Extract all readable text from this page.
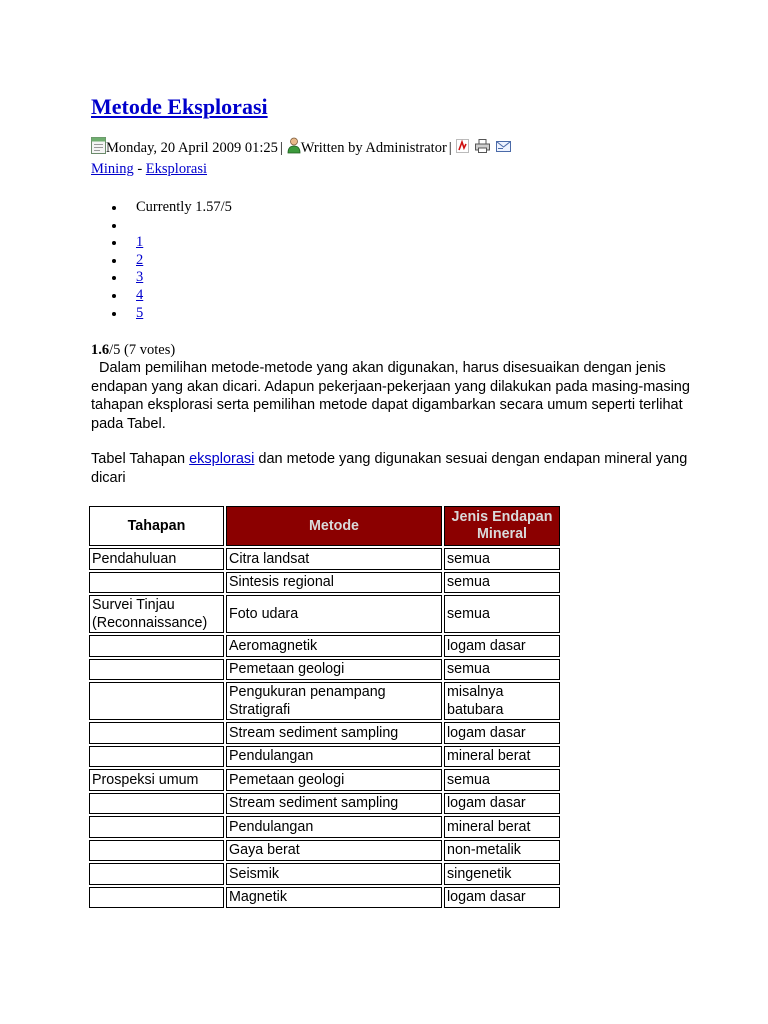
Metode Eksplorasi
Monday, 20 April 2009 01:25 | Written by Administrator |
Mining - Eksplorasi
Currently 1.57/5
1
2
3
4
5
1.6/5 (7 votes)
Dalam pemilihan metode-metode yang akan digunakan, harus disesuaikan dengan jenis endapan yang akan dicari. Adapun pekerjaan-pekerjaan yang dilakukan pada masing-masing tahapan eksplorasi serta pemilihan metode dapat digambarkan secara umum seperti terlihat pada Tabel.
Tabel Tahapan eksplorasi dan metode yang digunakan sesuai dengan endapan mineral yang dicari
Tahapan	Metode	Jenis Endapan Mineral
Pendahuluan	Citra landsat	semua
	Sintesis regional	semua
Survei Tinjau (Reconnaissance)	Foto udara	semua
	Aeromagnetik	logam dasar
	Pemetaan geologi	semua
	Pengukuran penampang Stratigrafi	misalnya batubara
	Stream sediment sampling	logam dasar
	Pendulangan	mineral berat
Prospeksi umum	Pemetaan geologi	semua
	Stream sediment sampling	logam dasar
	Pendulangan	mineral berat
	Gaya berat	non-metalik
	Seismik	singenetik
	Magnetik	logam dasar
